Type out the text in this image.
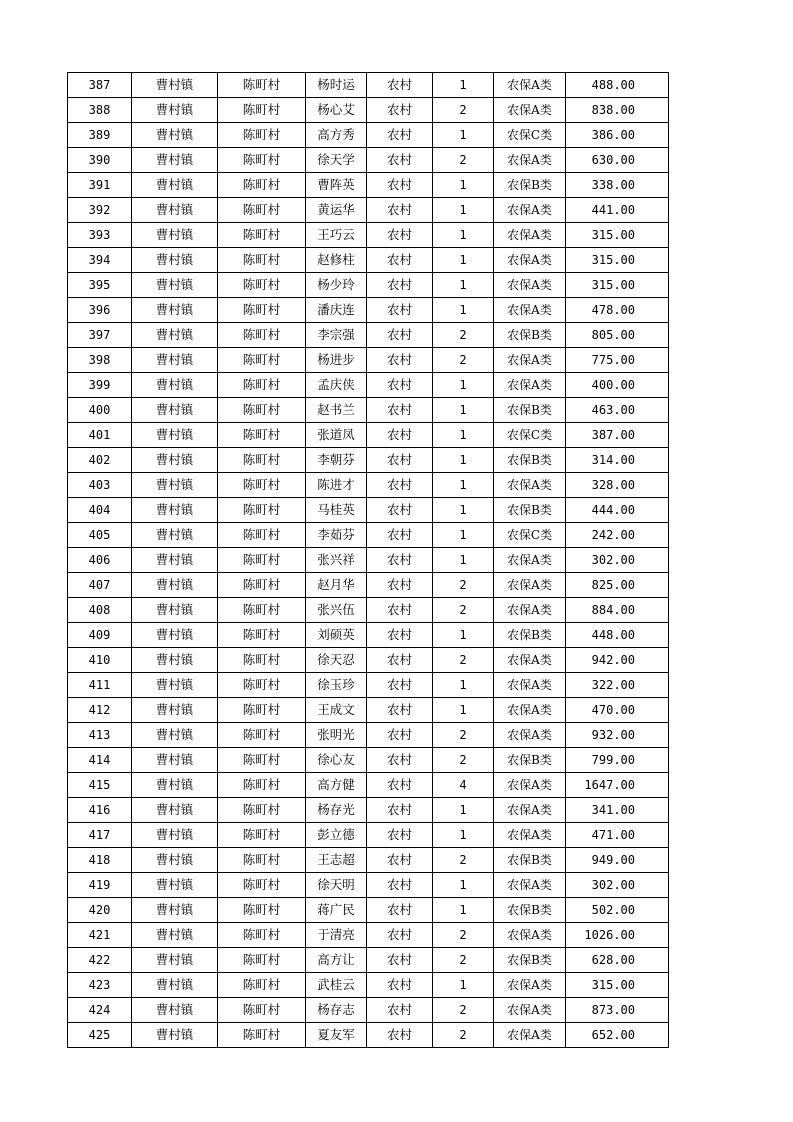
387	曹村镇	陈町村	杨时运	农村	1	农保A类	488.00
388	曹村镇	陈町村	杨心艾	农村	2	农保A类	838.00
389	曹村镇	陈町村	高方秀	农村	1	农保C类	386.00
390	曹村镇	陈町村	徐天学	农村	2	农保A类	630.00
391	曹村镇	陈町村	曹阵英	农村	1	农保B类	338.00
392	曹村镇	陈町村	黄运华	农村	1	农保A类	441.00
393	曹村镇	陈町村	王巧云	农村	1	农保A类	315.00
394	曹村镇	陈町村	赵修柱	农村	1	农保A类	315.00
395	曹村镇	陈町村	杨少玲	农村	1	农保A类	315.00
396	曹村镇	陈町村	潘庆连	农村	1	农保A类	478.00
397	曹村镇	陈町村	李宗强	农村	2	农保B类	805.00
398	曹村镇	陈町村	杨进步	农村	2	农保A类	775.00
399	曹村镇	陈町村	孟庆侠	农村	1	农保A类	400.00
400	曹村镇	陈町村	赵书兰	农村	1	农保B类	463.00
401	曹村镇	陈町村	张道凤	农村	1	农保C类	387.00
402	曹村镇	陈町村	李朝芬	农村	1	农保B类	314.00
403	曹村镇	陈町村	陈进才	农村	1	农保A类	328.00
404	曹村镇	陈町村	马桂英	农村	1	农保B类	444.00
405	曹村镇	陈町村	李茹芬	农村	1	农保C类	242.00
406	曹村镇	陈町村	张兴祥	农村	1	农保A类	302.00
407	曹村镇	陈町村	赵月华	农村	2	农保A类	825.00
408	曹村镇	陈町村	张兴伍	农村	2	农保A类	884.00
409	曹村镇	陈町村	刘硕英	农村	1	农保B类	448.00
410	曹村镇	陈町村	徐天忍	农村	2	农保A类	942.00
411	曹村镇	陈町村	徐玉珍	农村	1	农保A类	322.00
412	曹村镇	陈町村	王成文	农村	1	农保A类	470.00
413	曹村镇	陈町村	张明光	农村	2	农保A类	932.00
414	曹村镇	陈町村	徐心友	农村	2	农保B类	799.00
415	曹村镇	陈町村	高方健	农村	4	农保A类	1647.00
416	曹村镇	陈町村	杨存光	农村	1	农保A类	341.00
417	曹村镇	陈町村	彭立德	农村	1	农保A类	471.00
418	曹村镇	陈町村	王志超	农村	2	农保B类	949.00
419	曹村镇	陈町村	徐天明	农村	1	农保A类	302.00
420	曹村镇	陈町村	蒋广民	农村	1	农保B类	502.00
421	曹村镇	陈町村	于清亮	农村	2	农保A类	1026.00
422	曹村镇	陈町村	高方让	农村	2	农保B类	628.00
423	曹村镇	陈町村	武桂云	农村	1	农保A类	315.00
424	曹村镇	陈町村	杨存志	农村	2	农保A类	873.00
425	曹村镇	陈町村	夏友军	农村	2	农保A类	652.00
